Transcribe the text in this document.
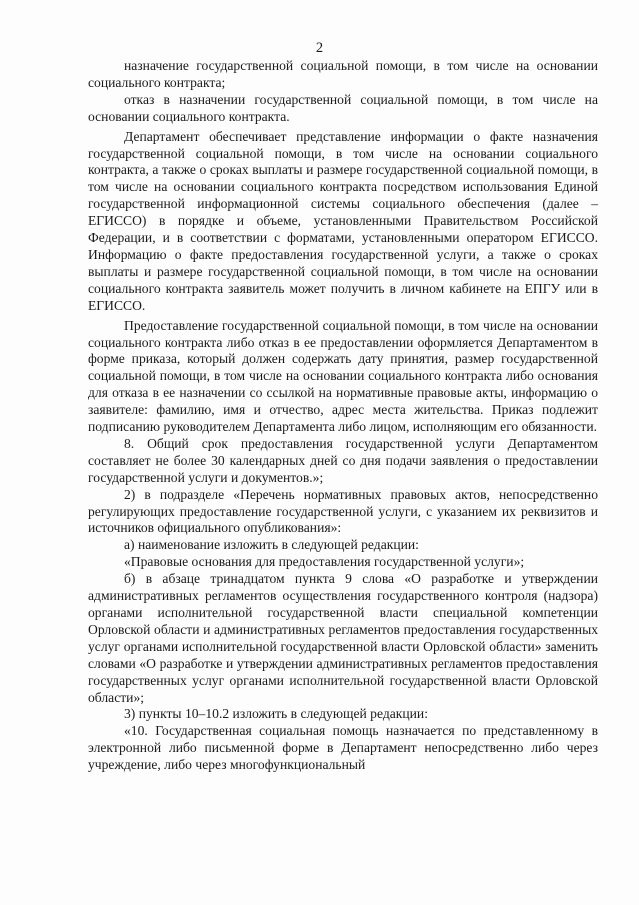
2

назначение государственной социальной помощи, в том числе на основании социального контракта;

отказ в назначении государственной социальной помощи, в том числе на основании социального контракта.

Департамент обеспечивает представление информации о факте назначения государственной социальной помощи, в том числе на основании социального контракта, а также о сроках выплаты и размере государственной социальной помощи, в том числе на основании социального контракта посредством использования Единой государственной информационной системы социального обеспечения (далее – ЕГИССО) в порядке и объеме, установленными Правительством Российской Федерации, и в соответствии с форматами, установленными оператором ЕГИССО. Информацию о факте предоставления государственной услуги, а также о сроках выплаты и размере государственной социальной помощи, в том числе на основании социального контракта заявитель может получить в личном кабинете на ЕПГУ или в ЕГИССО.

Предоставление государственной социальной помощи, в том числе на основании социального контракта либо отказ в ее предоставлении оформляется Департаментом в форме приказа, который должен содержать дату принятия, размер государственной социальной помощи, в том числе на основании социального контракта либо основания для отказа в ее назначении со ссылкой на нормативные правовые акты, информацию о заявителе: фамилию, имя и отчество, адрес места жительства. Приказ подлежит подписанию руководителем Департамента либо лицом, исполняющим его обязанности.

8. Общий срок предоставления государственной услуги Департаментом составляет не более 30 календарных дней со дня подачи заявления о предоставлении государственной услуги и документов.»;

2) в подразделе «Перечень нормативных правовых актов, непосредственно регулирующих предоставление государственной услуги, с указанием их реквизитов и источников официального опубликования»:

а) наименование изложить в следующей редакции:

«Правовые основания для предоставления государственной услуги»;

б) в абзаце тринадцатом пункта 9 слова «О разработке и утверждении административных регламентов осуществления государственного контроля (надзора) органами исполнительной государственной власти специальной компетенции Орловской области и административных регламентов предоставления государственных услуг органами исполнительной государственной власти Орловской области» заменить словами «О разработке и утверждении административных регламентов предоставления государственных услуг органами исполнительной государственной власти Орловской области»;

3) пункты 10–10.2 изложить в следующей редакции:

«10. Государственная социальная помощь назначается по представленному в электронной либо письменной форме в Департамент непосредственно либо через учреждение, либо через многофункциональный
